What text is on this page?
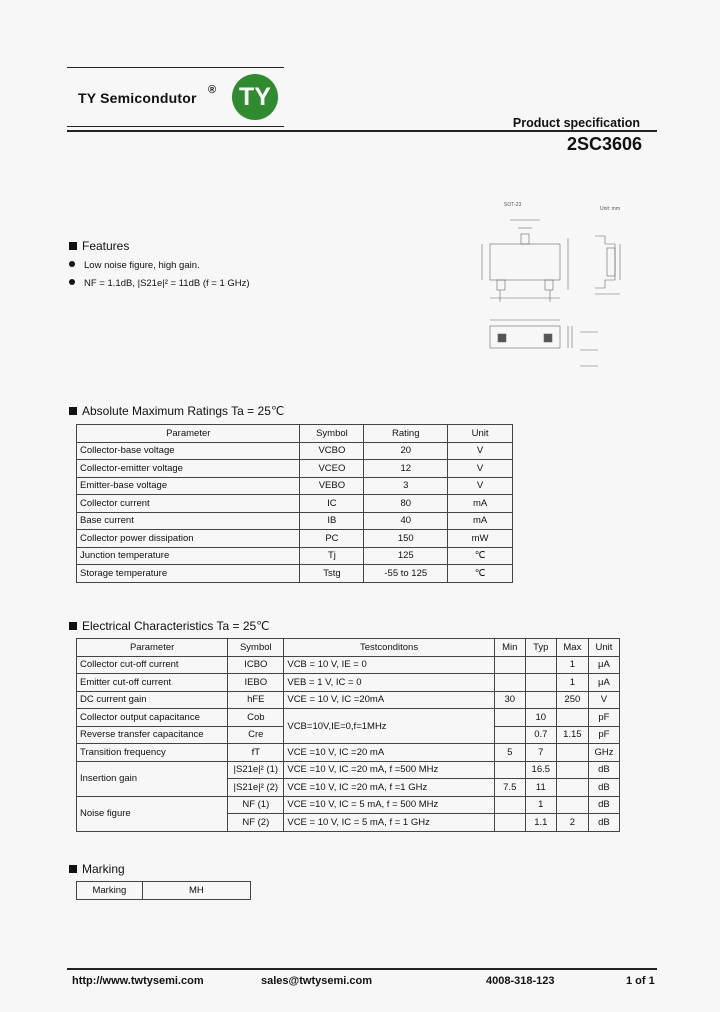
TY Semicondutor ® TY
Product specification
2SC3606
SOT-23
Unit: mm
Features
Low noise figure, high gain.
NF = 1.1dB, |S21e|² = 11dB (f = 1 GHz)
Absolute Maximum Ratings Ta = 25℃
Parameter	Symbol	Rating	Unit
Collector-base voltage	VCBO	20	V
Collector-emitter voltage	VCEO	12	V
Emitter-base voltage	VEBO	3	V
Collector current	IC	80	mA
Base current	IB	40	mA
Collector power dissipation	PC	150	mW
Junction temperature	Tj	125	℃
Storage temperature	Tstg	-55 to 125	℃
Electrical Characteristics Ta = 25℃
Parameter	Symbol	Testconditons	Min	Typ	Max	Unit
Collector cut-off current	ICBO	VCB = 10 V, IE = 0			1	μA
Emitter cut-off current	IEBO	VEB = 1 V, IC = 0			1	μA
DC current gain	hFE	VCE = 10 V, IC =20mA	30		250	V
Collector output capacitance	Cob	VCB=10V,IE=0,f=1MHz		10		pF
Reverse transfer capacitance	Cre			0.7	1.15	pF
Transition frequency	fT	VCE =10 V, IC =20 mA	5	7		GHz
Insertion gain	|S21e|² (1)	VCE =10 V, IC =20 mA, f =500 MHz		16.5		dB
	|S21e|² (2)	VCE =10 V, IC =20 mA, f =1 GHz	7.5	11		dB
Noise figure	NF (1)	VCE =10 V, IC = 5 mA, f = 500 MHz		1		dB
	NF (2)	VCE = 10 V, IC = 5 mA, f = 1 GHz		1.1	2	dB
Marking
Marking	MH
http://www.twtysemi.com	sales@twtysemi.com	4008-318-123	1 of 1
